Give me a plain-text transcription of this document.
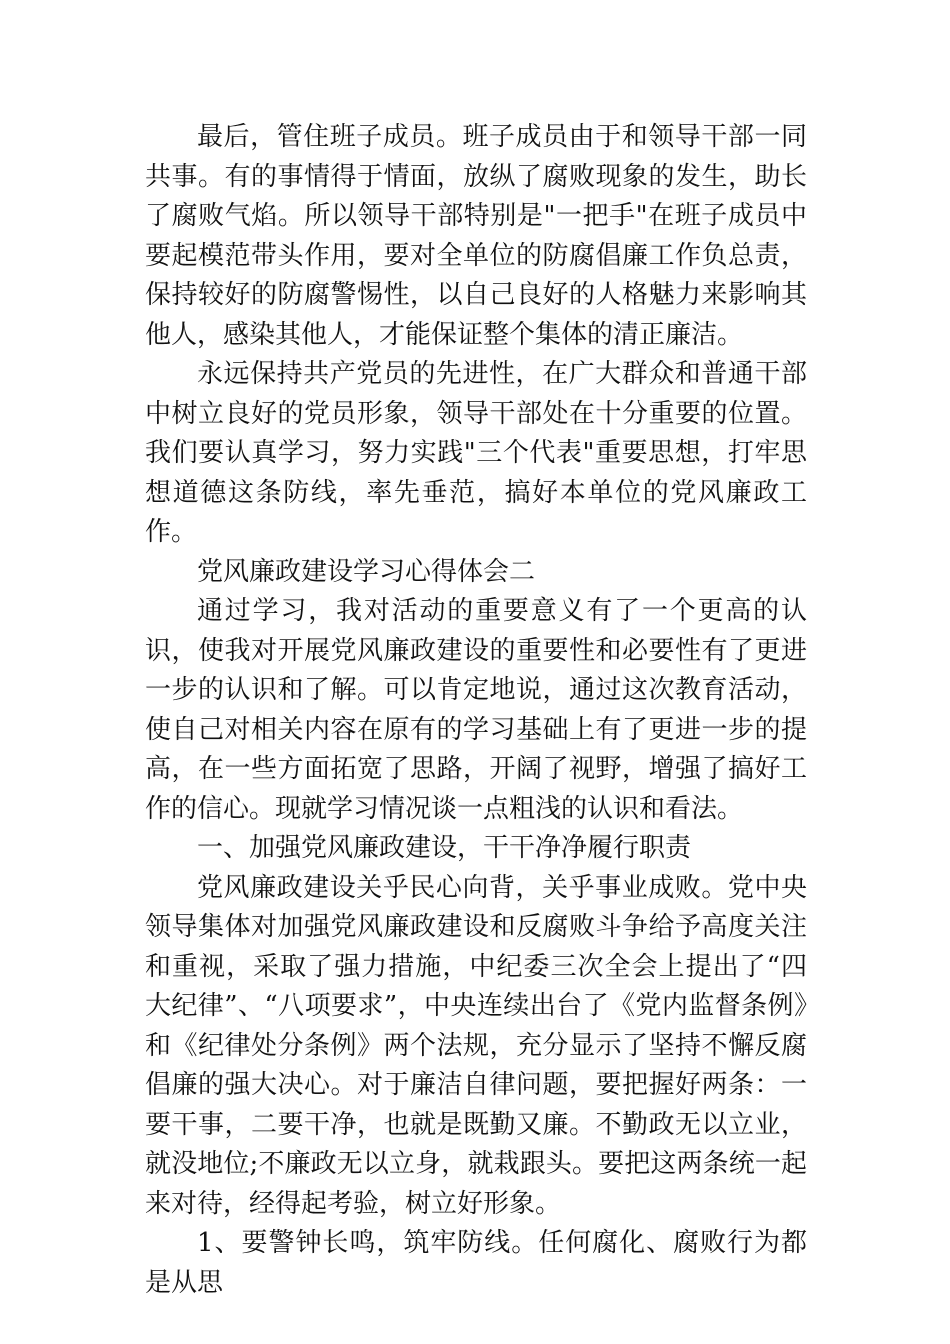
最后，管住班子成员。班子成员由于和领导干部一同共事。有的事情得于情面，放纵了腐败现象的发生，助长了腐败气焰。所以领导干部特别是"一把手"在班子成员中要起模范带头作用，要对全单位的防腐倡廉工作负总责，保持较好的防腐警惕性，以自己良好的人格魅力来影响其他人，感染其他人，才能保证整个集体的清正廉洁。

永远保持共产党员的先进性，在广大群众和普通干部中树立良好的党员形象，领导干部处在十分重要的位置。我们要认真学习，努力实践"三个代表"重要思想，打牢思想道德这条防线，率先垂范，搞好本单位的党风廉政工作。

党风廉政建设学习心得体会二

通过学习，我对活动的重要意义有了一个更高的认识，使我对开展党风廉政建设的重要性和必要性有了更进一步的认识和了解。可以肯定地说，通过这次教育活动，使自己对相关内容在原有的学习基础上有了更进一步的提高，在一些方面拓宽了思路，开阔了视野，增强了搞好工作的信心。现就学习情况谈一点粗浅的认识和看法。

一、加强党风廉政建设，干干净净履行职责

党风廉政建设关乎民心向背，关乎事业成败。党中央领导集体对加强党风廉政建设和反腐败斗争给予高度关注和重视，采取了强力措施，中纪委三次全会上提出了“四大纪律”、“八项要求”，中央连续出台了《党内监督条例》和《纪律处分条例》两个法规，充分显示了坚持不懈反腐倡廉的强大决心。对于廉洁自律问题，要把握好两条：一要干事，二要干净，也就是既勤又廉。不勤政无以立业，就没地位;不廉政无以立身，就栽跟头。要把这两条统一起来对待，经得起考验，树立好形象。

1、要警钟长鸣，筑牢防线。任何腐化、腐败行为都是从思
